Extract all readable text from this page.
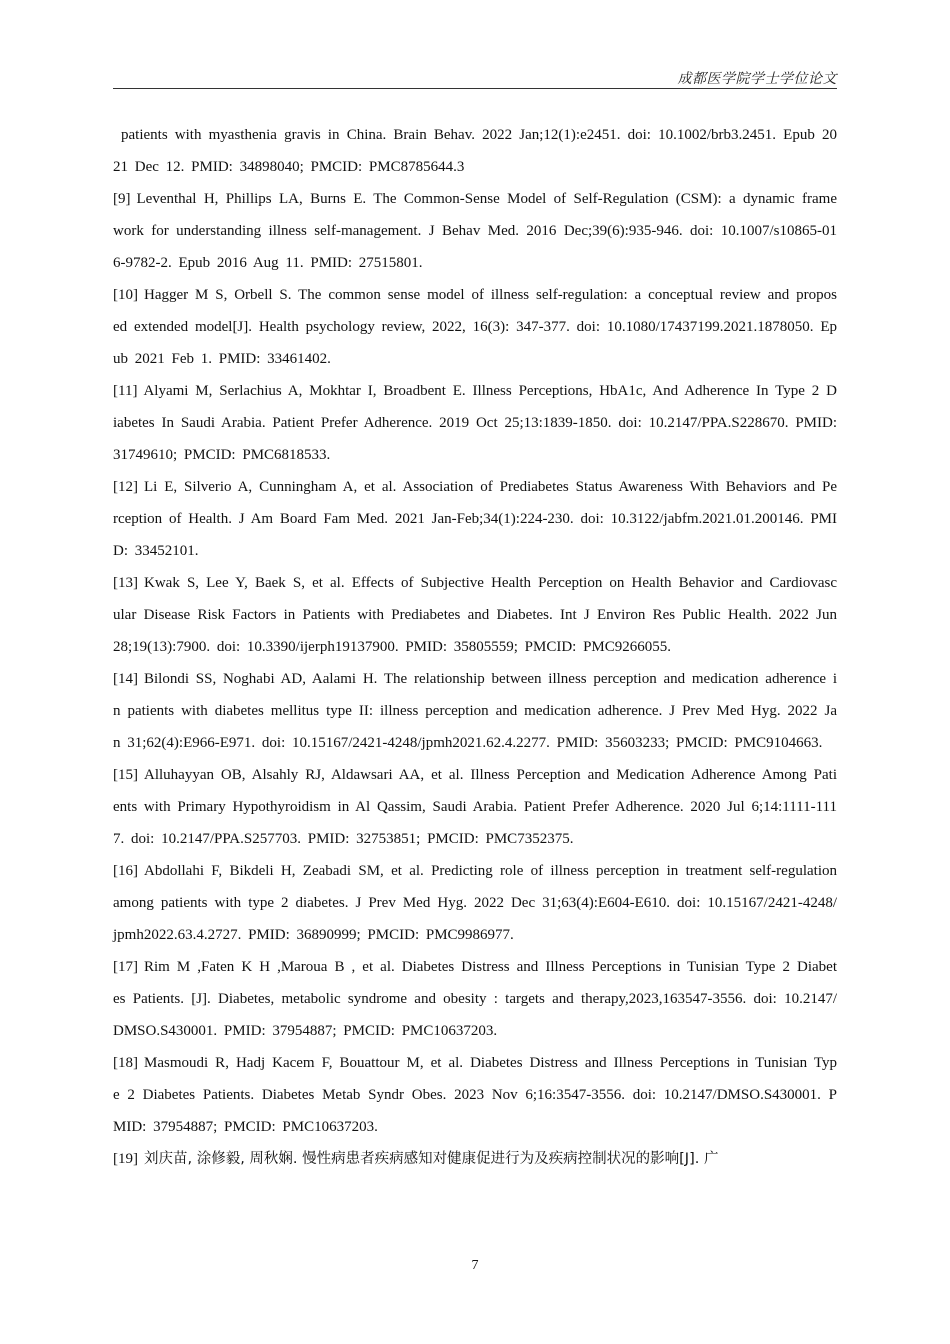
成都医学院学士学位论文

patients with myasthenia gravis in China. Brain Behav. 2022 Jan;12(1):e2451. doi: 10.1002/brb3.2451. Epub 2021 Dec 12. PMID: 34898040; PMCID: PMC8785644.3

[9] Leventhal H, Phillips LA, Burns E. The Common-Sense Model of Self-Regulation (CSM): a dynamic framework for understanding illness self-management. J Behav Med. 2016 Dec;39(6):935-946. doi: 10.1007/s10865-016-9782-2. Epub 2016 Aug 11. PMID: 27515801.

[10] Hagger M S, Orbell S. The common sense model of illness self-regulation: a conceptual review and proposed extended model[J]. Health psychology review, 2022, 16(3): 347-377. doi: 10.1080/17437199.2021.1878050. Epub 2021 Feb 1. PMID: 33461402.

[11] Alyami M, Serlachius A, Mokhtar I, Broadbent E. Illness Perceptions, HbA1c, And Adherence In Type 2 Diabetes In Saudi Arabia. Patient Prefer Adherence. 2019 Oct 25;13:1839-1850. doi: 10.2147/PPA.S228670. PMID: 31749610; PMCID: PMC6818533.

[12] Li E, Silverio A, Cunningham A, et al. Association of Prediabetes Status Awareness With Behaviors and Perception of Health. J Am Board Fam Med. 2021 Jan-Feb;34(1):224-230. doi: 10.3122/jabfm.2021.01.200146. PMID: 33452101.

[13] Kwak S, Lee Y, Baek S, et al. Effects of Subjective Health Perception on Health Behavior and Cardiovascular Disease Risk Factors in Patients with Prediabetes and Diabetes. Int J Environ Res Public Health. 2022 Jun 28;19(13):7900. doi: 10.3390/ijerph19137900. PMID: 35805559; PMCID: PMC9266055.

[14] Bilondi SS, Noghabi AD, Aalami H. The relationship between illness perception and medication adherence in patients with diabetes mellitus type II: illness perception and medication adherence. J Prev Med Hyg. 2022 Jan 31;62(4):E966-E971. doi: 10.15167/2421-4248/jpmh2021.62.4.2277. PMID: 35603233; PMCID: PMC9104663.

[15] Alluhayyan OB, Alsahly RJ, Aldawsari AA, et al. Illness Perception and Medication Adherence Among Patients with Primary Hypothyroidism in Al Qassim, Saudi Arabia. Patient Prefer Adherence. 2020 Jul 6;14:1111-1117. doi: 10.2147/PPA.S257703. PMID: 32753851; PMCID: PMC7352375.

[16] Abdollahi F, Bikdeli H, Zeabadi SM, et al. Predicting role of illness perception in treatment self-regulation among patients with type 2 diabetes. J Prev Med Hyg. 2022 Dec 31;63(4):E604-E610. doi: 10.15167/2421-4248/jpmh2022.63.4.2727. PMID: 36890999; PMCID: PMC9986977.

[17] Rim M ,Faten K H ,Maroua B , et al. Diabetes Distress and Illness Perceptions in Tunisian Type 2 Diabetes Patients. [J]. Diabetes, metabolic syndrome and obesity : targets and therapy,2023,163547-3556. doi: 10.2147/DMSO.S430001. PMID: 37954887; PMCID: PMC10637203.

[18] Masmoudi R, Hadj Kacem F, Bouattour M, et al. Diabetes Distress and Illness Perceptions in Tunisian Type 2 Diabetes Patients. Diabetes Metab Syndr Obes. 2023 Nov 6;16:3547-3556. doi: 10.2147/DMSO.S430001. PMID: 37954887; PMCID: PMC10637203.

[19] 刘庆苗, 涂修毅, 周秋娴. 慢性病患者疾病感知对健康促进行为及疾病控制状况的影响[J]. 广

7
